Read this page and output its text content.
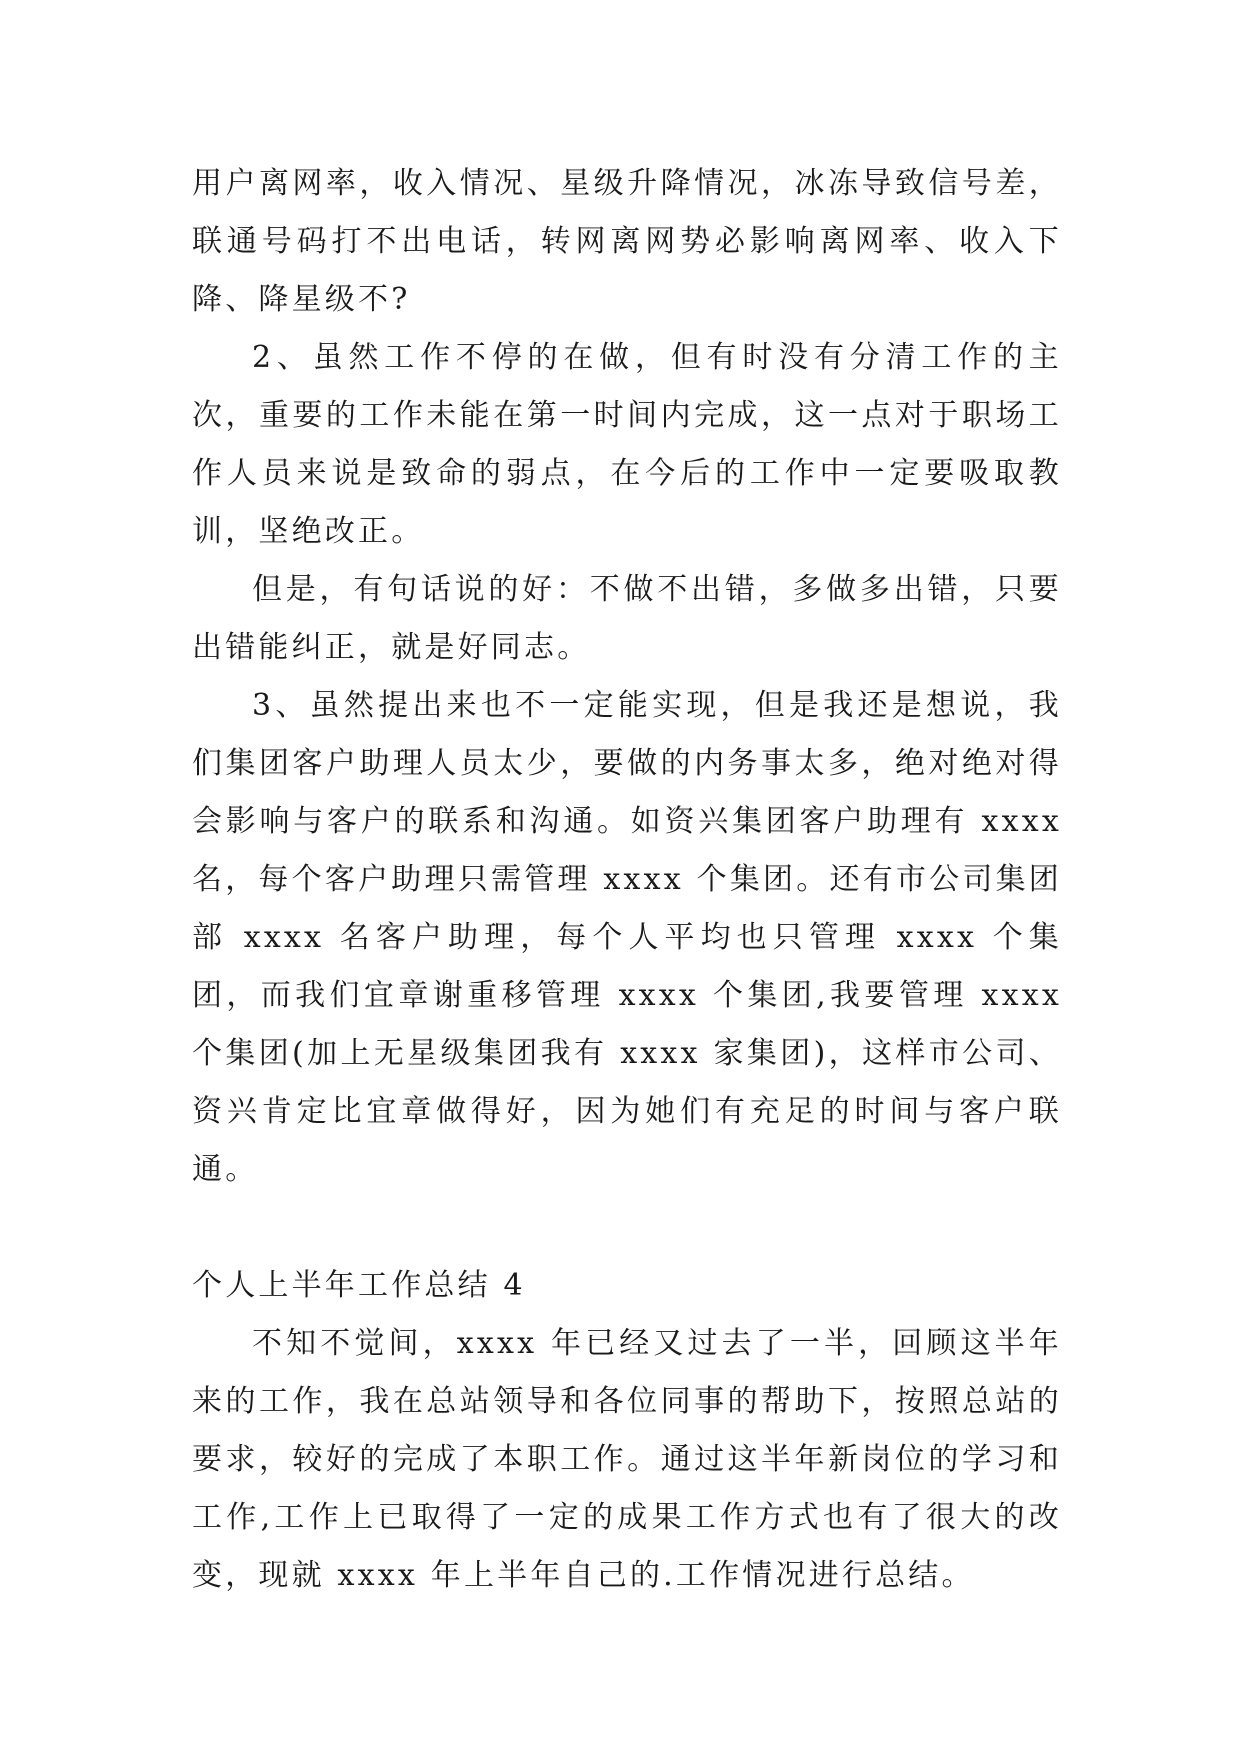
用户离网率，收入情况、星级升降情况，冰冻导致信号差，联通号码打不出电话，转网离网势必影响离网率、收入下降、降星级不?

2、虽然工作不停的在做，但有时没有分清工作的主次，重要的工作未能在第一时间内完成，这一点对于职场工作人员来说是致命的弱点，在今后的工作中一定要吸取教训，坚绝改正。

但是，有句话说的好：不做不出错，多做多出错，只要出错能纠正，就是好同志。

3、虽然提出来也不一定能实现，但是我还是想说，我们集团客户助理人员太少，要做的内务事太多，绝对绝对得会影响与客户的联系和沟通。如资兴集团客户助理有 xxxx 名，每个客户助理只需管理 xxxx 个集团。还有市公司集团部 xxxx 名客户助理，每个人平均也只管理 xxxx 个集团，而我们宜章谢重移管理 xxxx 个集团,我要管理 xxxx 个集团(加上无星级集团我有 xxxx 家集团)，这样市公司、资兴肯定比宜章做得好，因为她们有充足的时间与客户联通。

个人上半年工作总结 4

不知不觉间，xxxx 年已经又过去了一半，回顾这半年来的工作，我在总站领导和各位同事的帮助下，按照总站的要求，较好的完成了本职工作。通过这半年新岗位的学习和工作,工作上已取得了一定的成果工作方式也有了很大的改变，现就 xxxx 年上半年自己的.工作情况进行总结。
